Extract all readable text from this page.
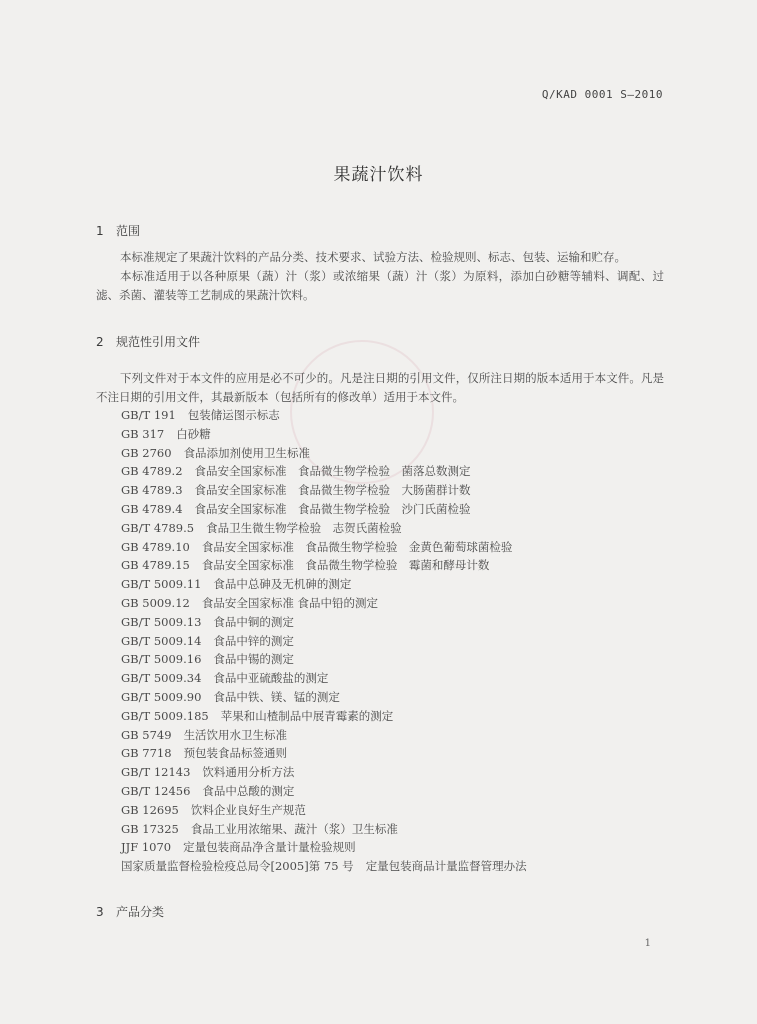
Q/KAD 0001 S—2010
果蔬汁饮料
1 范围

本标准规定了果蔬汁饮料的产品分类、技术要求、试验方法、检验规则、标志、包装、运输和贮存。

本标准适用于以各种原果（蔬）汁（浆）或浓缩果（蔬）汁（浆）为原料，添加白砂糖等辅料、调配、过滤、杀菌、灌装等工艺制成的果蔬汁饮料。

2 规范性引用文件

下列文件对于本文件的应用是必不可少的。凡是注日期的引用文件，仅所注日期的版本适用于本文件。凡是不注日期的引用文件，其最新版本（包括所有的修改单）适用于本文件。

GB/T 191 包装储运图示标志
GB 317 白砂糖
GB 2760 食品添加剂使用卫生标准
GB 4789.2 食品安全国家标准　食品微生物学检验　菌落总数测定
GB 4789.3 食品安全国家标准　食品微生物学检验　大肠菌群计数
GB 4789.4 食品安全国家标准　食品微生物学检验　沙门氏菌检验
GB/T 4789.5 食品卫生微生物学检验　志贺氏菌检验
GB 4789.10 食品安全国家标准　食品微生物学检验　金黄色葡萄球菌检验
GB 4789.15 食品安全国家标准　食品微生物学检验　霉菌和酵母计数
GB/T 5009.11 食品中总砷及无机砷的测定
GB 5009.12 食品安全国家标准 食品中铅的测定
GB/T 5009.13 食品中铜的测定
GB/T 5009.14 食品中锌的测定
GB/T 5009.16 食品中锡的测定
GB/T 5009.34 食品中亚硫酸盐的测定
GB/T 5009.90 食品中铁、镁、锰的测定
GB/T 5009.185 苹果和山楂制品中展青霉素的测定
GB 5749 生活饮用水卫生标准
GB 7718 预包装食品标签通则
GB/T 12143 饮料通用分析方法
GB/T 12456 食品中总酸的测定
GB 12695 饮料企业良好生产规范
GB 17325 食品工业用浓缩果、蔬汁（浆）卫生标准
JJF 1070 定量包装商品净含量计量检验规则
国家质量监督检验检疫总局令[2005]第 75 号 定量包装商品计量监督管理办法
3 产品分类
1
